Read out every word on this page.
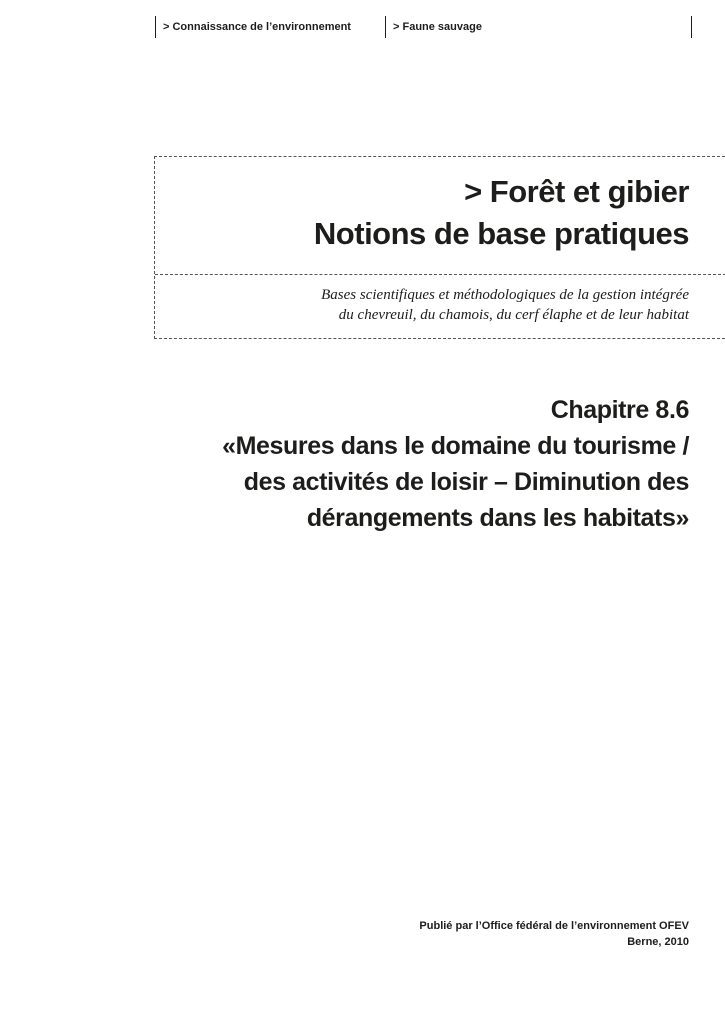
> Connaissance de l’environnement	> Faune sauvage
> Forêt et gibier
Notions de base pratiques

Bases scientifiques et méthodologiques de la gestion intégrée
du chevreuil, du chamois, du cerf élaphe et de leur habitat

Chapitre 8.6
«Mesures dans le domaine du tourisme /
des activités de loisir – Diminution des
dérangements dans les habitats»
Publié par l’Office fédéral de l’environnement OFEV
Berne, 2010
